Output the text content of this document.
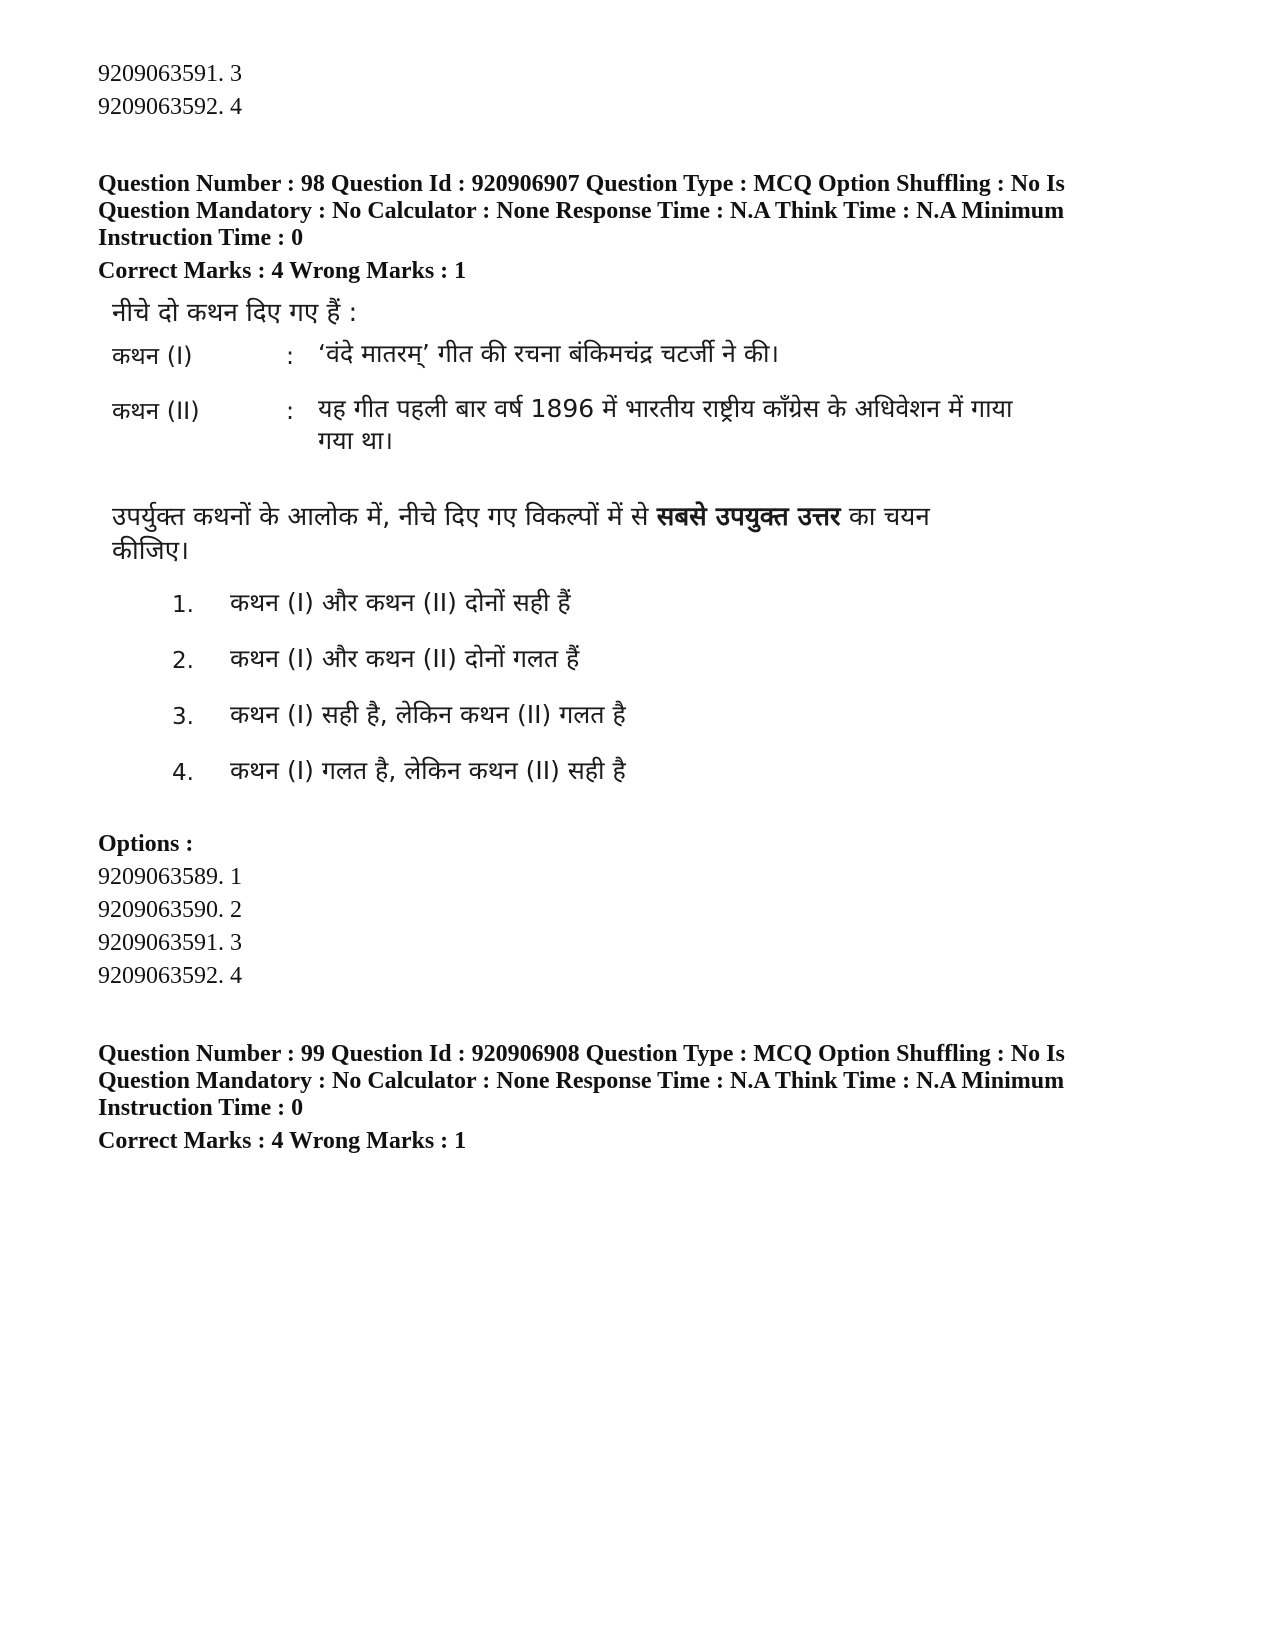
9209063591. 3
9209063592. 4
Question Number : 98 Question Id : 920906907 Question Type : MCQ Option Shuffling : No Is
Question Mandatory : No Calculator : None Response Time : N.A Think Time : N.A Minimum
Instruction Time : 0
Correct Marks : 4 Wrong Marks : 1
नीचे दो कथन दिए गए हैं :
कथन (I)	: ‘वंदे मातरम्’ गीत की रचना बंकिमचंद्र चटर्जी ने की।
कथन (II)	: यह गीत पहली बार वर्ष 1896 में भारतीय राष्ट्रीय काँग्रेस के अधिवेशन में गाया गया था।
उपर्युक्त कथनों के आलोक में, नीचे दिए गए विकल्पों में से सबसे उपयुक्त उत्तर का चयन कीजिए।
1. कथन (I) और कथन (II) दोनों सही हैं
2. कथन (I) और कथन (II) दोनों गलत हैं
3. कथन (I) सही है, लेकिन कथन (II) गलत है
4. कथन (I) गलत है, लेकिन कथन (II) सही है
Options :
9209063589. 1
9209063590. 2
9209063591. 3
9209063592. 4
Question Number : 99 Question Id : 920906908 Question Type : MCQ Option Shuffling : No Is
Question Mandatory : No Calculator : None Response Time : N.A Think Time : N.A Minimum
Instruction Time : 0
Correct Marks : 4 Wrong Marks : 1
